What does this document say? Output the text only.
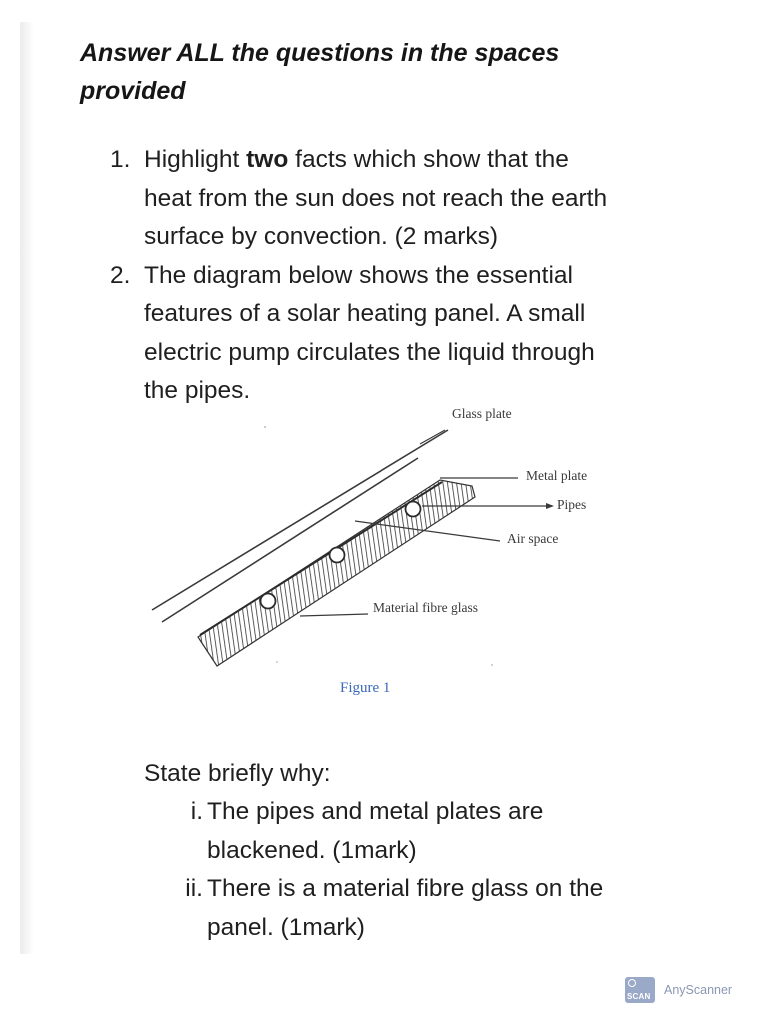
Answer ALL the questions in the spaces
provided
1. Highlight two facts which show that the
heat from the sun does not reach the earth
surface by convection. (2 marks)
2. The diagram below shows the essential
features of a solar heating panel. A small
electric pump circulates the liquid through
the pipes.
Glass plate
Metal plate
Pipes
Air space
Material fibre glass
Figure 1
State briefly why:
i. The pipes and metal plates are
blackened. (1mark)
ii. There is a material fibre glass on the
panel. (1mark)
SCAN AnyScanner
